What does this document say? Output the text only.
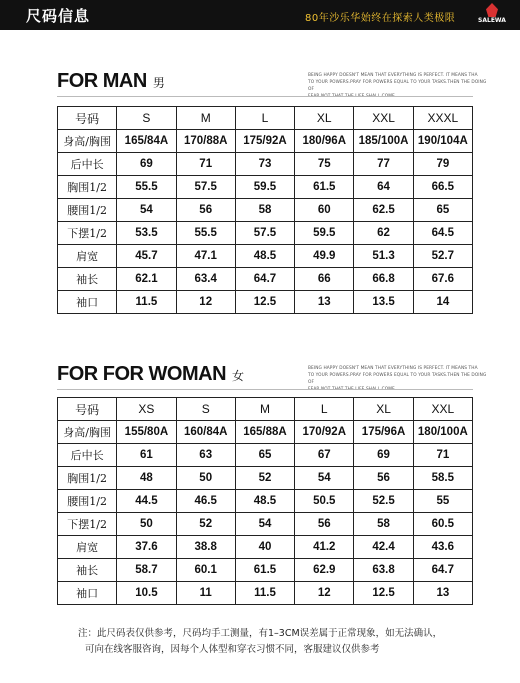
尺码信息	80年沙乐华始终在探索人类极限	SALEWA
FOR MAN 男
BEING HAPPY DOESN'T MEAN THAT EVERYTHING IS PERFECT. IT MEANS THA
TO YOUR POWERS.PRAY FOR POWERS EQUAL TO YOUR TASKS.THEN THE DOING OF
号码	S	M	L	XL	XXL	XXXL
身高/胸围	165/84A	170/88A	175/92A	180/96A	185/100A	190/104A
后中长	69	71	73	75	77	79
胸围1/2	55.5	57.5	59.5	61.5	64	66.5
腰围1/2	54	56	58	60	62.5	65
下摆1/2	53.5	55.5	57.5	59.5	62	64.5
肩宽	45.7	47.1	48.5	49.9	51.3	52.7
袖长	62.1	63.4	64.7	66	66.8	67.6
袖口	11.5	12	12.5	13	13.5	14
FOR FOR WOMAN 女
BEING HAPPY DOESN'T MEAN THAT EVERYTHING IS PERFECT. IT MEANS THA
TO YOUR POWERS.PRAY FOR POWERS EQUAL TO YOUR TASKS.THEN THE DOING OF
号码	XS	S	M	L	XL	XXL
身高/胸围	155/80A	160/84A	165/88A	170/92A	175/96A	180/100A
后中长	61	63	65	67	69	71
胸围1/2	48	50	52	54	56	58.5
腰围1/2	44.5	46.5	48.5	50.5	52.5	55
下摆1/2	50	52	54	56	58	60.5
肩宽	37.6	38.8	40	41.2	42.4	43.6
袖长	58.7	60.1	61.5	62.9	63.8	64.7
袖口	10.5	11	11.5	12	12.5	13
注：此尺码表仅供参考，尺码均手工测量，有1–3CM误差属于正常现象，如无法确认，
可向在线客服咨询，因每个人体型和穿衣习惯不同，客服建议仅供参考
